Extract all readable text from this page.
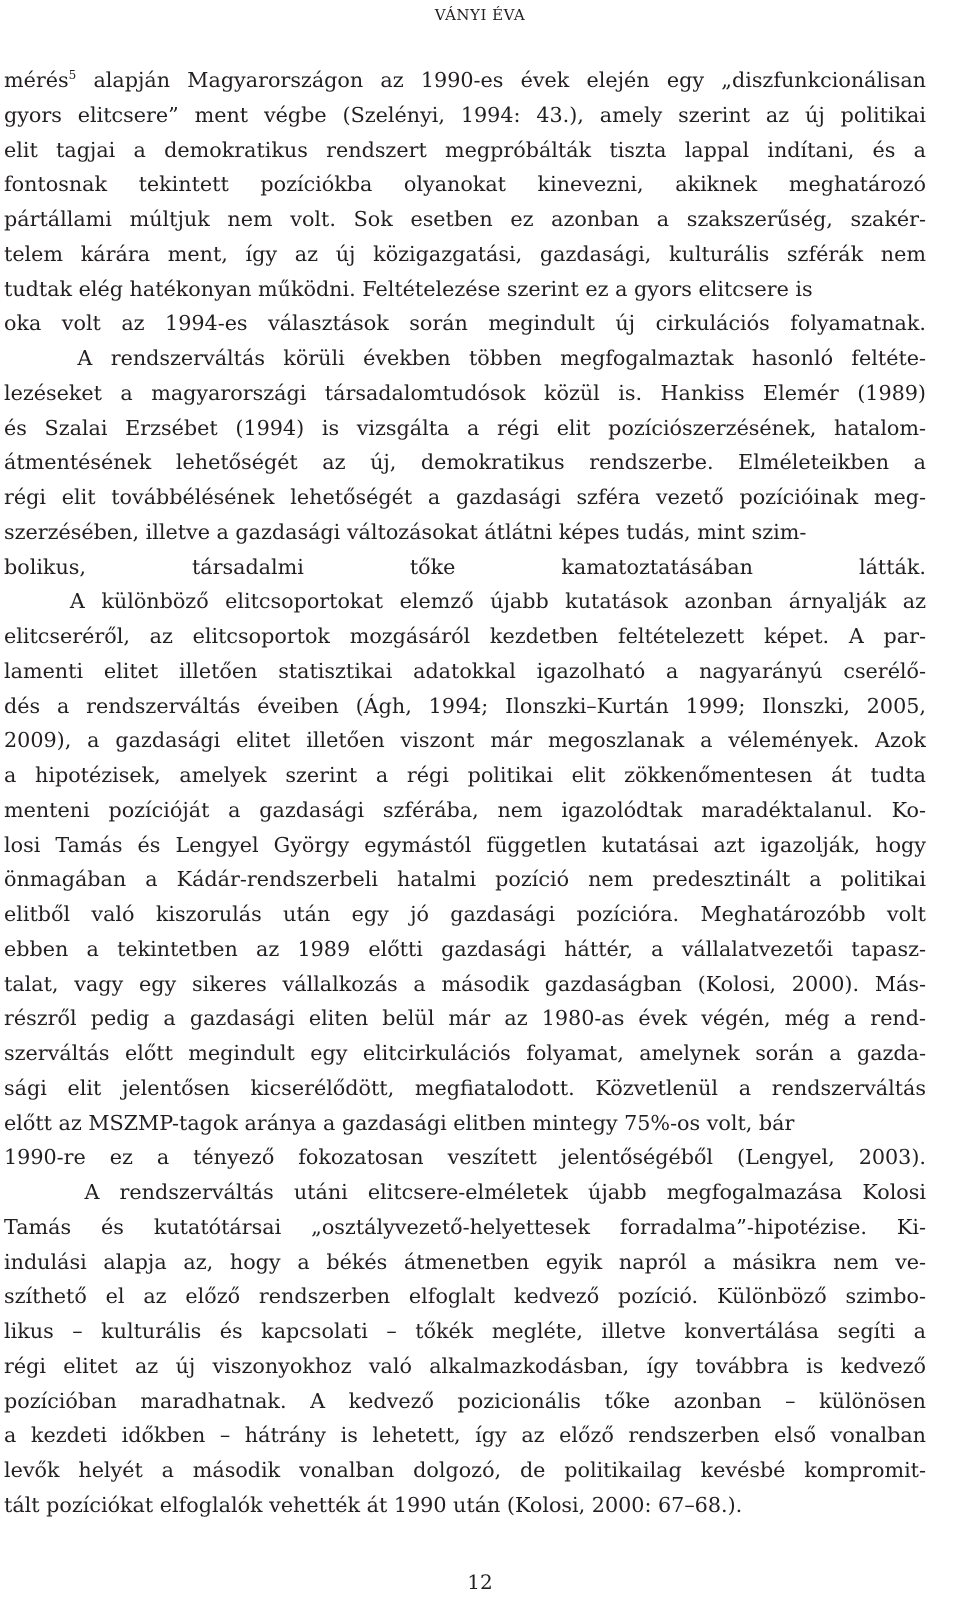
VÁNYI ÉVA
mérés$^5$ alapján Magyarországon az 1990-es évek elején egy „diszfunkcionálisan
gyors elitcsere” ment végbe (Szelényi, 1994: 43.), amely szerint az új politikai
elit tagjai a demokratikus rendszert megpróbálták tiszta lappal indítani, és a
fontosnak tekintett pozíciókba olyanokat kinevezni, akiknek meghatározó
pártállami múltjuk nem volt. Sok esetben ez azonban a szakszerűség, szakér-
telem kárára ment, így az új közigazgatási, gazdasági, kulturális szférák nem
tudtak elég hatékonyan működni. Feltételezése szerint ez a gyors elitcsere is
oka volt az 1994-es választások során megindult új cirkulációs folyamatnak.
A rendszerváltás körüli években többen megfogalmaztak hasonló feltéte-
lezéseket a magyarországi társadalomtudósok közül is. Hankiss Elemér (1989)
és Szalai Erzsébet (1994) is vizsgálta a régi elit pozíciószerzésének, hatalom-
átmentésének lehetőségét az új, demokratikus rendszerbe. Elméleteikben a
régi elit továbbélésének lehetőségét a gazdasági szféra vezető pozícióinak meg-
szerzésében, illetve a gazdasági változásokat átlátni képes tudás, mint szim-
bolikus, társadalmi tőke kamatoztatásában látták.
A különböző elitcsoportokat elemző újabb kutatások azonban árnyalják az
elitcseréről, az elitcsoportok mozgásáról kezdetben feltételezett képet. A par-
lamenti elitet illetően statisztikai adatokkal igazolható a nagyarányú cserélő-
dés a rendszerváltás éveiben (Ágh, 1994; Ilonszki–Kurtán 1999; Ilonszki, 2005,
2009), a gazdasági elitet illetően viszont már megoszlanak a vélemények. Azok
a hipotézisek, amelyek szerint a régi politikai elit zökkenőmentesen át tudta
menteni pozícióját a gazdasági szférába, nem igazolódtak maradéktalanul. Ko-
losi Tamás és Lengyel György egymástól független kutatásai azt igazolják, hogy
önmagában a Kádár-rendszerbeli hatalmi pozíció nem predesztinált a politikai
elitből való kiszorulás után egy jó gazdasági pozícióra. Meghatározóbb volt
ebben a tekintetben az 1989 előtti gazdasági háttér, a vállalatvezetői tapasz-
talat, vagy egy sikeres vállalkozás a második gazdaságban (Kolosi, 2000). Más-
részről pedig a gazdasági eliten belül már az 1980-as évek végén, még a rend-
szerváltás előtt megindult egy elitcirkulációs folyamat, amelynek során a gazda-
sági elit jelentősen kicserélődött, megfiatalodott. Közvetlenül a rendszerváltás
előtt az MSZMP-tagok aránya a gazdasági elitben mintegy 75%-os volt, bár
1990-re ez a tényező fokozatosan veszített jelentőségéből (Lengyel, 2003).
A rendszerváltás utáni elitcsere-elméletek újabb megfogalmazása Kolosi
Tamás és kutatótársai „osztályvezető-helyettesek forradalma”-hipotézise. Ki-
indulási alapja az, hogy a békés átmenetben egyik napról a másikra nem ve-
szíthető el az előző rendszerben elfoglalt kedvező pozíció. Különböző szimbo-
likus – kulturális és kapcsolati – tőkék megléte, illetve konvertálása segíti a
régi elitet az új viszonyokhoz való alkalmazkodásban, így továbbra is kedvező
pozícióban maradhatnak. A kedvező pozicionális tőke azonban – különösen
a kezdeti időkben – hátrány is lehetett, így az előző rendszerben első vonalban
levők helyét a második vonalban dolgozó, de politikailag kevésbé kompromit-
tált pozíciókat elfoglalók vehették át 1990 után (Kolosi, 2000: 67–68.).
12
